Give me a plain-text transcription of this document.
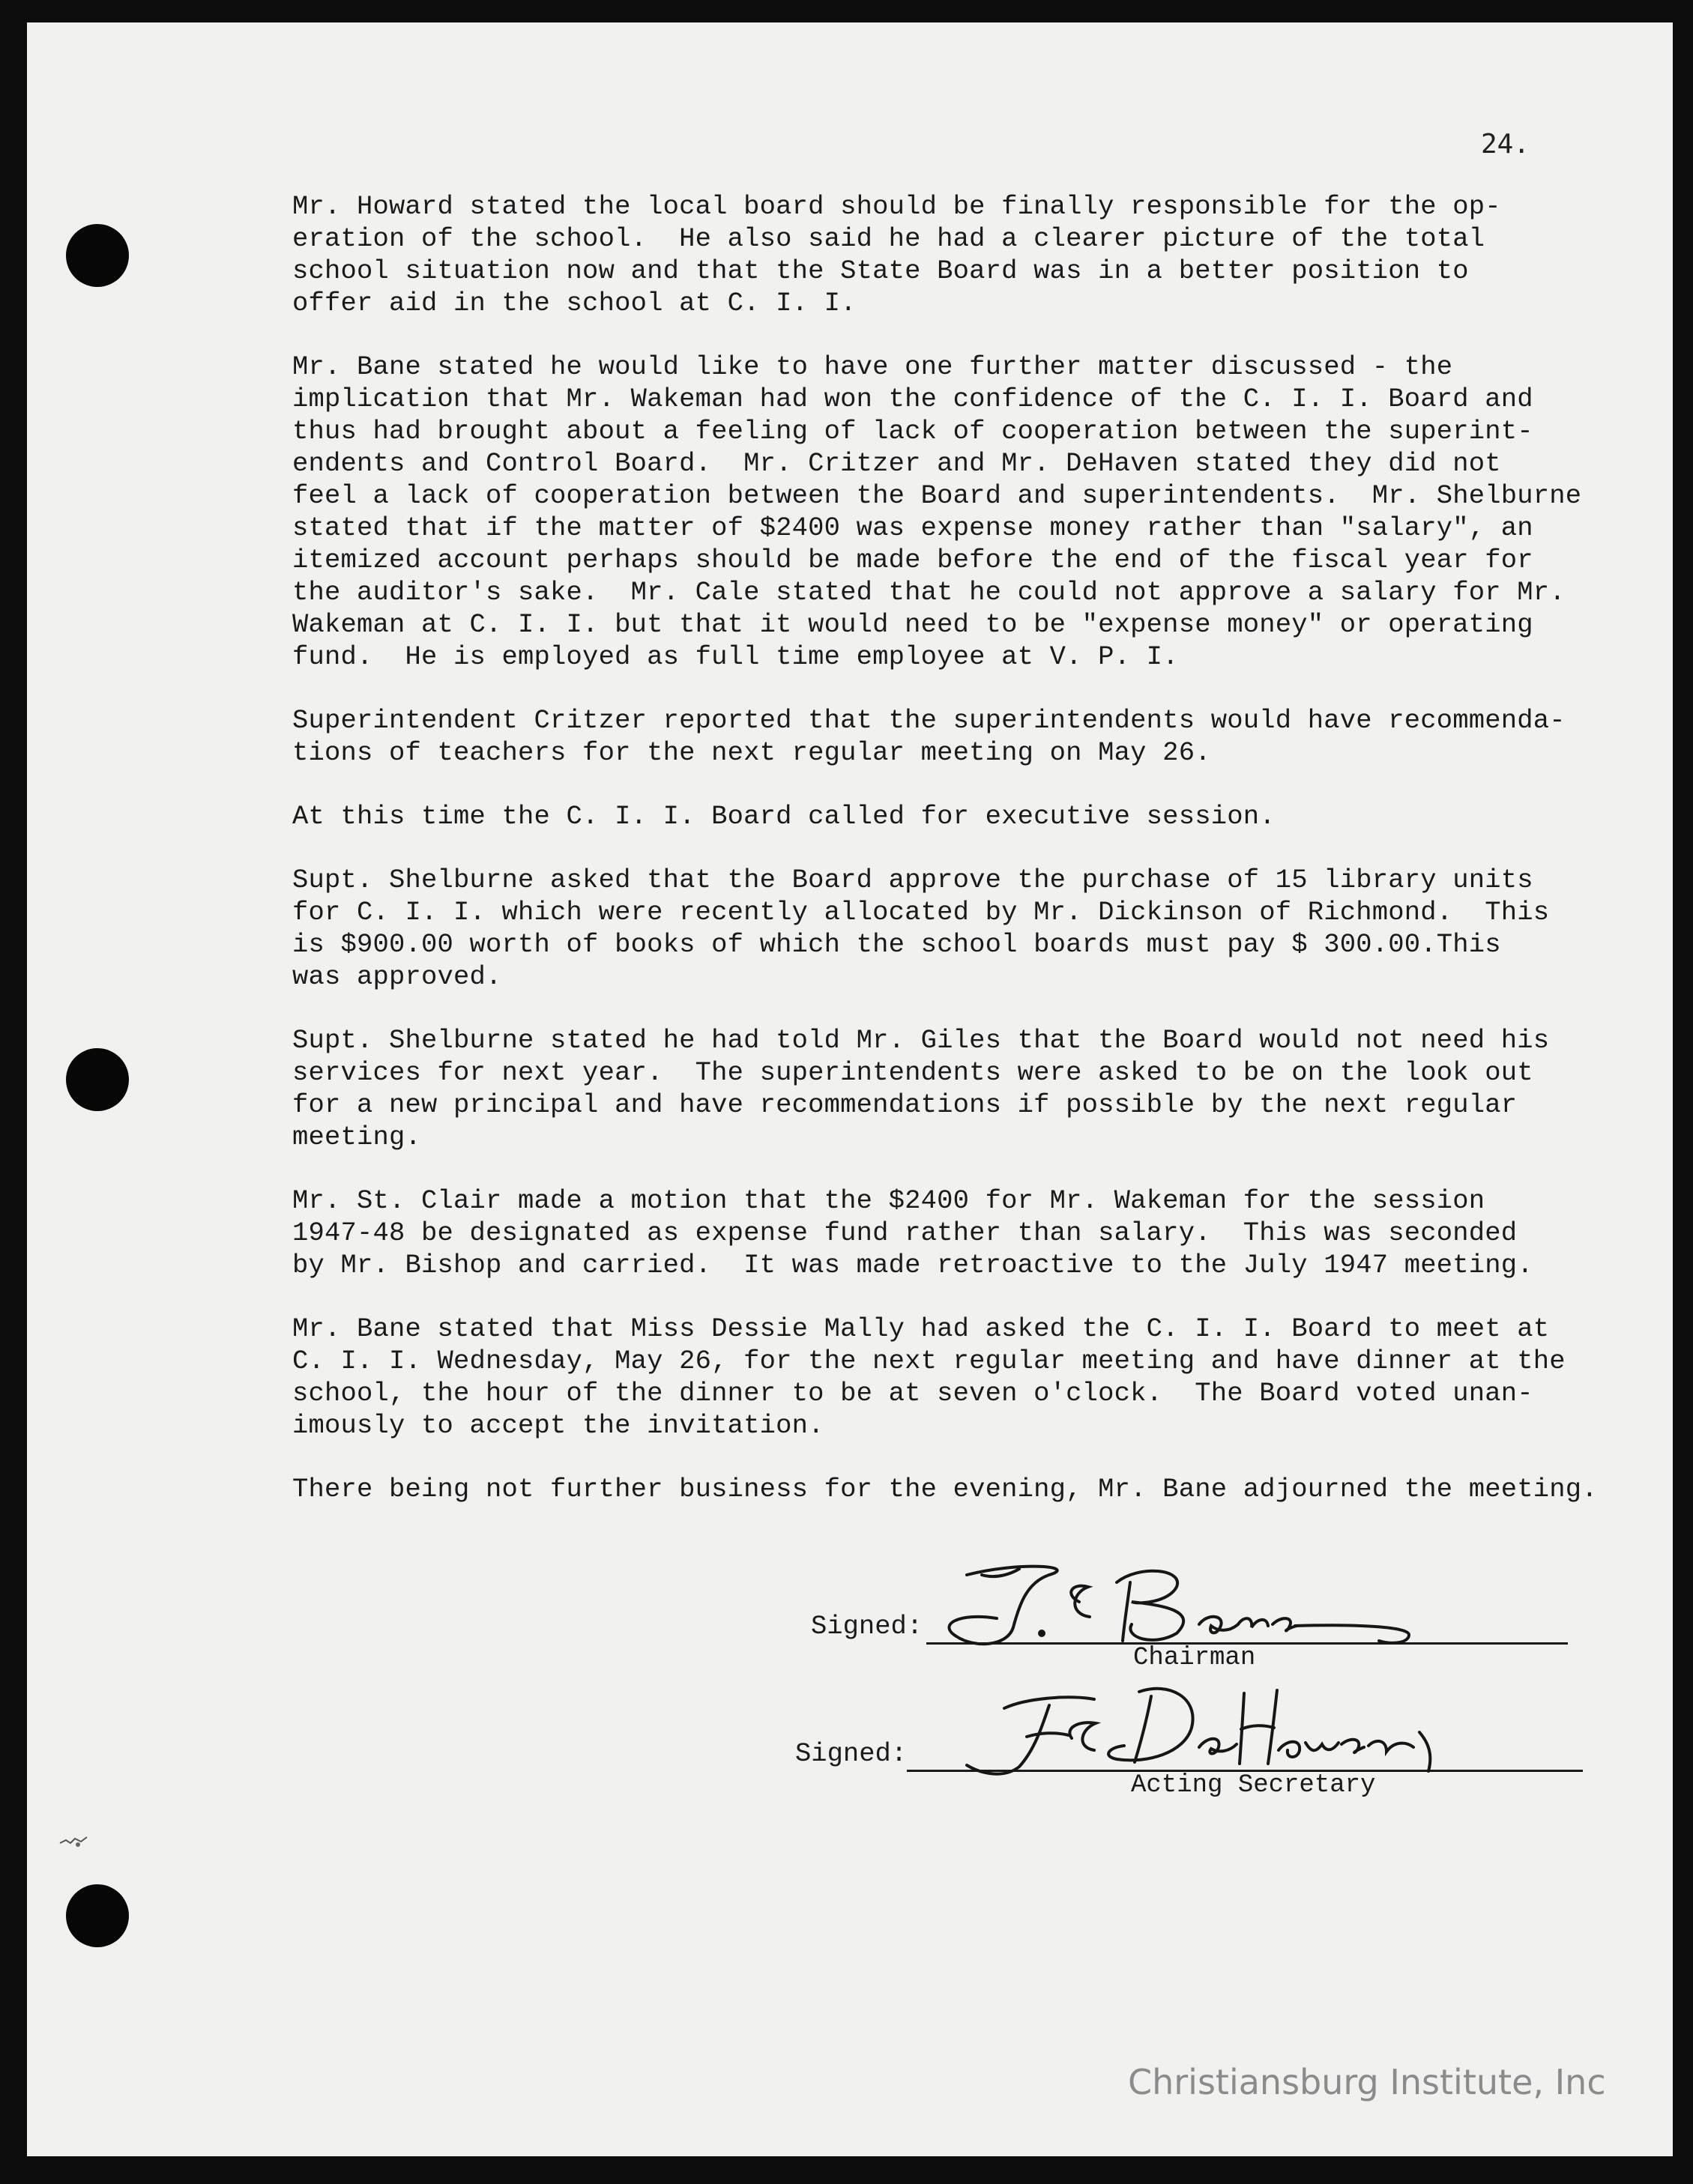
24.

Mr. Howard stated the local board should be finally responsible for the op-
eration of the school.  He also said he had a clearer picture of the total
school situation now and that the State Board was in a better position to
offer aid in the school at C. I. I.

Mr. Bane stated he would like to have one further matter discussed - the
implication that Mr. Wakeman had won the confidence of the C. I. I. Board and
thus had brought about a feeling of lack of cooperation between the superint-
endents and Control Board.  Mr. Critzer and Mr. DeHaven stated they did not
feel a lack of cooperation between the Board and superintendents.  Mr. Shelburne
stated that if the matter of $2400 was expense money rather than "salary", an
itemized account perhaps should be made before the end of the fiscal year for
the auditor's sake.  Mr. Cale stated that he could not approve a salary for Mr.
Wakeman at C. I. I. but that it would need to be "expense money" or operating
fund.  He is employed as full time employee at V. P. I.

Superintendent Critzer reported that the superintendents would have recommenda-
tions of teachers for the next regular meeting on May 26.

At this time the C. I. I. Board called for executive session.

Supt. Shelburne asked that the Board approve the purchase of 15 library units
for C. I. I. which were recently allocated by Mr. Dickinson of Richmond.  This
is $900.00 worth of books of which the school boards must pay $ 300.00.This
was approved.

Supt. Shelburne stated he had told Mr. Giles that the Board would not need his
services for next year.  The superintendents were asked to be on the look out
for a new principal and have recommendations if possible by the next regular
meeting.

Mr. St. Clair made a motion that the $2400 for Mr. Wakeman for the session
1947-48 be designated as expense fund rather than salary.  This was seconded
by Mr. Bishop and carried.  It was made retroactive to the July 1947 meeting.

Mr. Bane stated that Miss Dessie Mally had asked the C. I. I. Board to meet at
C. I. I. Wednesday, May 26, for the next regular meeting and have dinner at the
school, the hour of the dinner to be at seven o'clock.  The Board voted unan-
imously to accept the invitation.

There being not further business for the evening, Mr. Bane adjourned the meeting.

Signed:
Chairman
Signed:
Acting Secretary
Christiansburg Institute, Inc
